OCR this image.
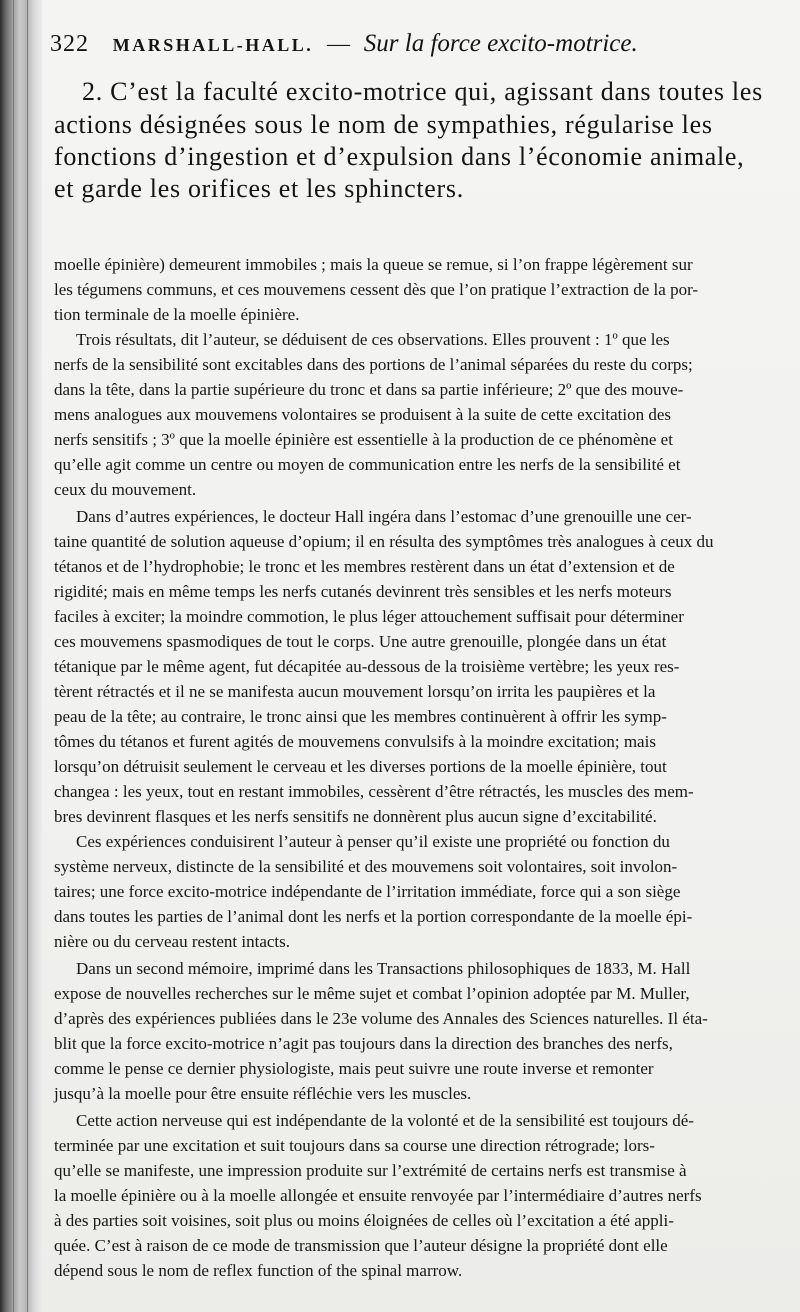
322 MARSHALL-HALL. — Sur la force excito-motrice.
2. C’est la faculté excito-motrice qui, agissant dans toutes les
actions désignées sous le nom de sympathies, régularise les
fonctions d’ingestion et d’expulsion dans l’économie animale,
et garde les orifices et les sphincters.
moelle épinière) demeurent immobiles ; mais la queue se remue, si l’on frappe légèrement sur
les tégumens communs, et ces mouvemens cessent dès que l’on pratique l’extraction de la por-
tion terminale de la moelle épinière.
Trois résultats, dit l’auteur, se déduisent de ces observations. Elles prouvent : 1º que les
nerfs de la sensibilité sont excitables dans des portions de l’animal séparées du reste du corps;
dans la tête, dans la partie supérieure du tronc et dans sa partie inférieure; 2º que des mouve-
mens analogues aux mouvemens volontaires se produisent à la suite de cette excitation des
nerfs sensitifs ; 3º que la moelle épinière est essentielle à la production de ce phénomène et
qu’elle agit comme un centre ou moyen de communication entre les nerfs de la sensibilité et
ceux du mouvement.
Dans d’autres expériences, le docteur Hall ingéra dans l’estomac d’une grenouille une cer-
taine quantité de solution aqueuse d’opium; il en résulta des symptômes très analogues à ceux du
tétanos et de l’hydrophobie; le tronc et les membres restèrent dans un état d’extension et de
rigidité; mais en même temps les nerfs cutanés devinrent très sensibles et les nerfs moteurs
faciles à exciter; la moindre commotion, le plus léger attouchement suffisait pour déterminer
ces mouvemens spasmodiques de tout le corps. Une autre grenouille, plongée dans un état
tétanique par le même agent, fut décapitée au-dessous de la troisième vertèbre; les yeux res-
tèrent rétractés et il ne se manifesta aucun mouvement lorsqu’on irrita les paupières et la
peau de la tête; au contraire, le tronc ainsi que les membres continuèrent à offrir les symp-
tômes du tétanos et furent agités de mouvemens convulsifs à la moindre excitation; mais
lorsqu’on détruisit seulement le cerveau et les diverses portions de la moelle épinière, tout
changea : les yeux, tout en restant immobiles, cessèrent d’être rétractés, les muscles des mem-
bres devinrent flasques et les nerfs sensitifs ne donnèrent plus aucun signe d’excitabilité.
Ces expériences conduisirent l’auteur à penser qu’il existe une propriété ou fonction du
système nerveux, distincte de la sensibilité et des mouvemens soit volontaires, soit involon-
taires; une force excito-motrice indépendante de l’irritation immédiate, force qui a son siège
dans toutes les parties de l’animal dont les nerfs et la portion correspondante de la moelle épi-
nière ou du cerveau restent intacts.
Dans un second mémoire, imprimé dans les Transactions philosophiques de 1833, M. Hall
expose de nouvelles recherches sur le même sujet et combat l’opinion adoptée par M. Muller,
d’après des expériences publiées dans le 23e volume des Annales des Sciences naturelles. Il éta-
blit que la force excito-motrice n’agit pas toujours dans la direction des branches des nerfs,
comme le pense ce dernier physiologiste, mais peut suivre une route inverse et remonter
jusqu’à la moelle pour être ensuite réfléchie vers les muscles.
Cette action nerveuse qui est indépendante de la volonté et de la sensibilité est toujours dé-
terminée par une excitation et suit toujours dans sa course une direction rétrograde; lors-
qu’elle se manifeste, une impression produite sur l’extrémité de certains nerfs est transmise à
la moelle épinière ou à la moelle allongée et ensuite renvoyée par l’intermédiaire d’autres nerfs
à des parties soit voisines, soit plus ou moins éloignées de celles où l’excitation a été appli-
quée. C’est à raison de ce mode de transmission que l’auteur désigne la propriété dont elle
dépend sous le nom de reflex function of the spinal marrow.
